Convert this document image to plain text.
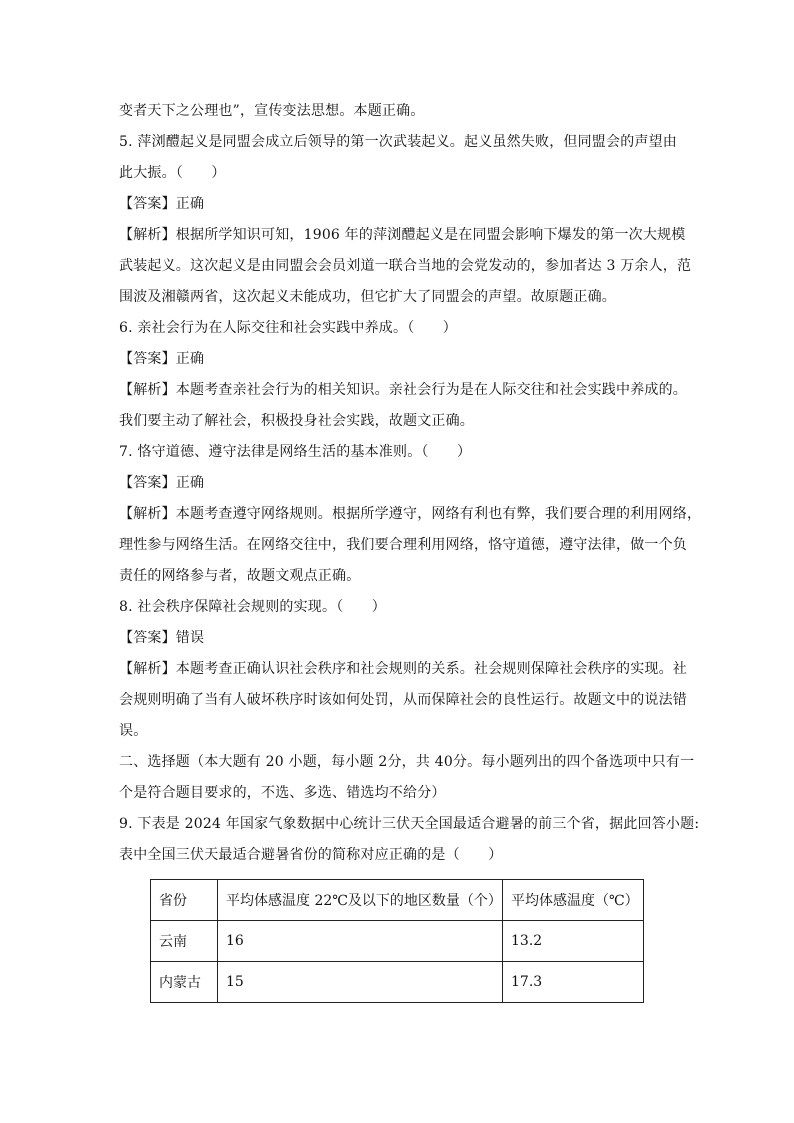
变者天下之公理也”，宣传变法思想。本题正确。
5. 萍浏醴起义是同盟会成立后领导的第一次武装起义。起义虽然失败，但同盟会的声望由
此大振。（　　）
【答案】正确
【解析】根据所学知识可知，1906 年的萍浏醴起义是在同盟会影响下爆发的第一次大规模
武装起义。这次起义是由同盟会会员刘道一联合当地的会党发动的，参加者达 3 万余人，范
围波及湘赣两省，这次起义未能成功，但它扩大了同盟会的声望。故原题正确。
6. 亲社会行为在人际交往和社会实践中养成。（　　）
【答案】正确
【解析】本题考查亲社会行为的相关知识。亲社会行为是在人际交往和社会实践中养成的。
我们要主动了解社会，积极投身社会实践，故题文正确。
7. 恪守道德、遵守法律是网络生活的基本准则。（　　）
【答案】正确
【解析】本题考查遵守网络规则。根据所学遵守，网络有利也有弊，我们要合理的利用网络，
理性参与网络生活。在网络交往中，我们要合理利用网络，恪守道德，遵守法律，做一个负
责任的网络参与者，故题文观点正确。
8. 社会秩序保障社会规则的实现。（　　）
【答案】错误
【解析】本题考查正确认识社会秩序和社会规则的关系。社会规则保障社会秩序的实现。社
会规则明确了当有人破坏秩序时该如何处罚，从而保障社会的良性运行。故题文中的说法错
误。
二、选择题（本大题有 20 小题，每小题 2分，共 40分。每小题列出的四个备选项中只有一
个是符合题目要求的，不选、多选、错选均不给分）
9. 下表是 2024 年国家气象数据中心统计三伏天全国最适合避暑的前三个省，据此回答小题:
表中全国三伏天最适合避暑省份的简称对应正确的是（　　）
省份	平均体感温度 22℃及以下的地区数量（个）	平均体感温度（℃）
云南	16	13.2
内蒙古	15	17.3
